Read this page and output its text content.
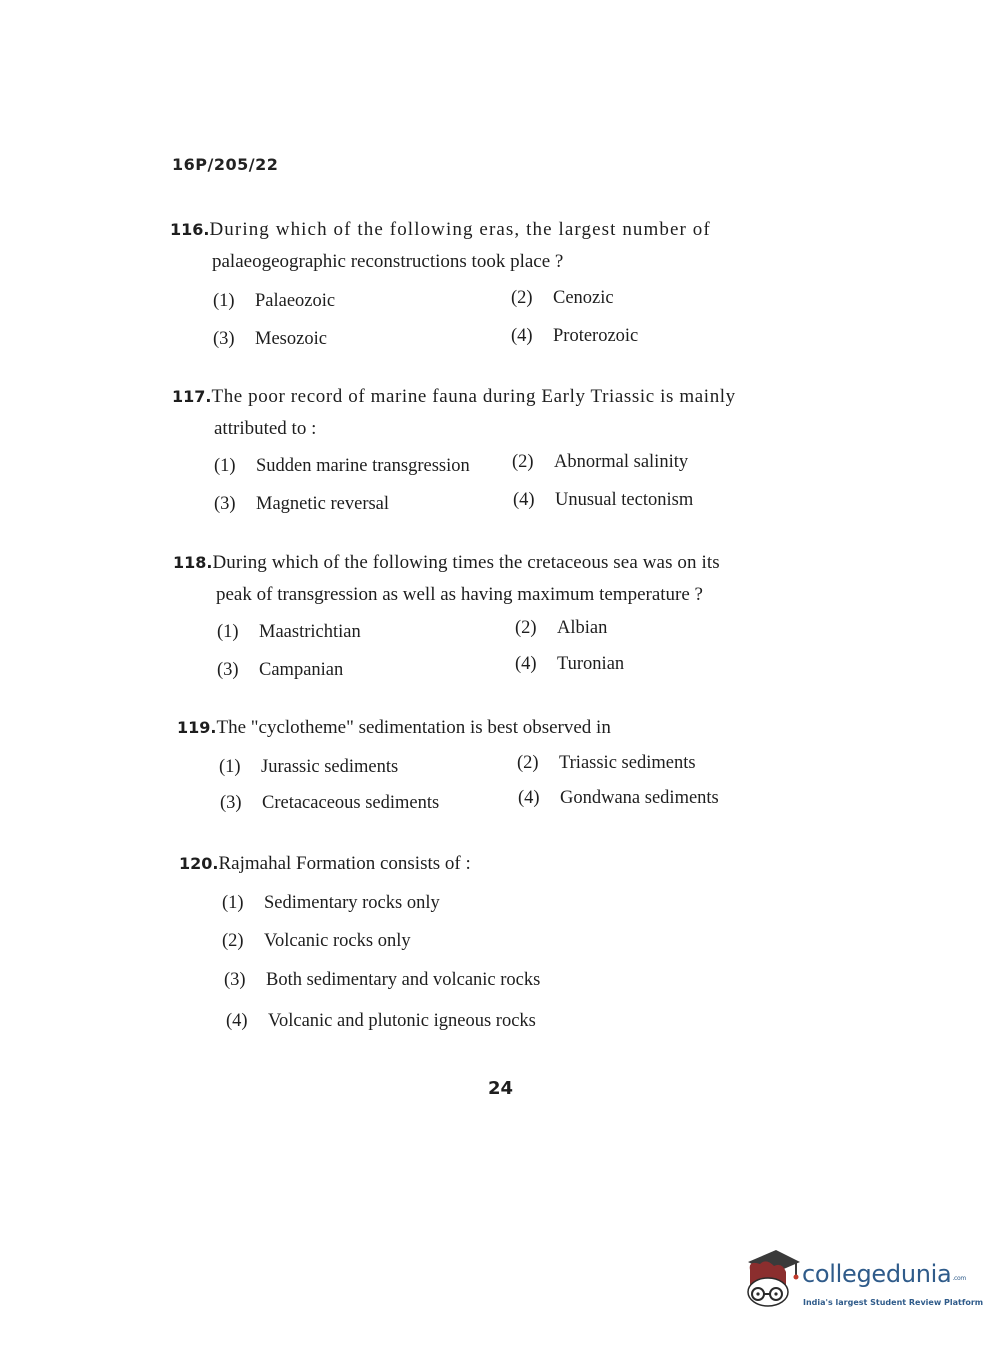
16P/205/22
116.During which of the following eras, the largest number of
palaeogeographic reconstructions took place ?
(1) Palaeozoic	(2) Cenozic
(3) Mesozoic	(4) Proterozoic
117.The poor record of marine fauna during Early Triassic is mainly
attributed to :
(1) Sudden marine transgression (2) Abnormal salinity
(3) Magnetic reversal	(4) Unusual tectonism
118.During which of the following times the cretaceous sea was on its
peak of transgression as well as having maximum temperature ?
(1) Maastrichtian	(2) Albian
(3) Campanian	(4) Turonian
119.The "cyclotheme" sedimentation is best observed in
(1) Jurassic sediments	(2) Triassic sediments
(3) Cretacaceous sediments	(4) Gondwana sediments
120.Rajmahal Formation consists of :
(1) Sedimentary rocks only
(2) Volcanic rocks only
(3) Both sedimentary and volcanic rocks
(4) Volcanic and plutonic igneous rocks
24
collegedunia.com
India's largest Student Review Platform
